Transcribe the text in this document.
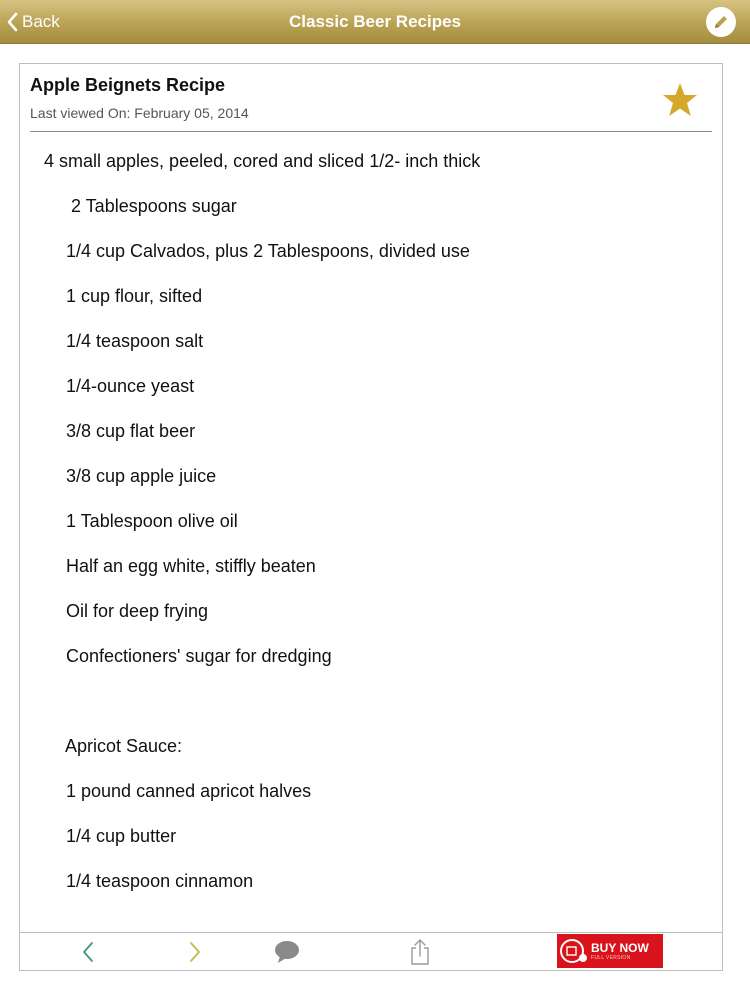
Back	Classic Beer Recipes
Apple Beignets Recipe
Last viewed On: February 05, 2014
4 small apples, peeled, cored and sliced 1/2- inch thick
2 Tablespoons sugar
1/4 cup Calvados, plus 2 Tablespoons, divided use
1 cup flour, sifted
1/4 teaspoon salt
1/4-ounce yeast
3/8 cup flat beer
3/8 cup apple juice
1 Tablespoon olive oil
Half an egg white, stiffly beaten
Oil for deep frying
Confectioners' sugar for dredging
Apricot Sauce:
1 pound canned apricot halves
1/4 cup butter
1/4 teaspoon cinnamon
BUY NOW
FULL VERSION
